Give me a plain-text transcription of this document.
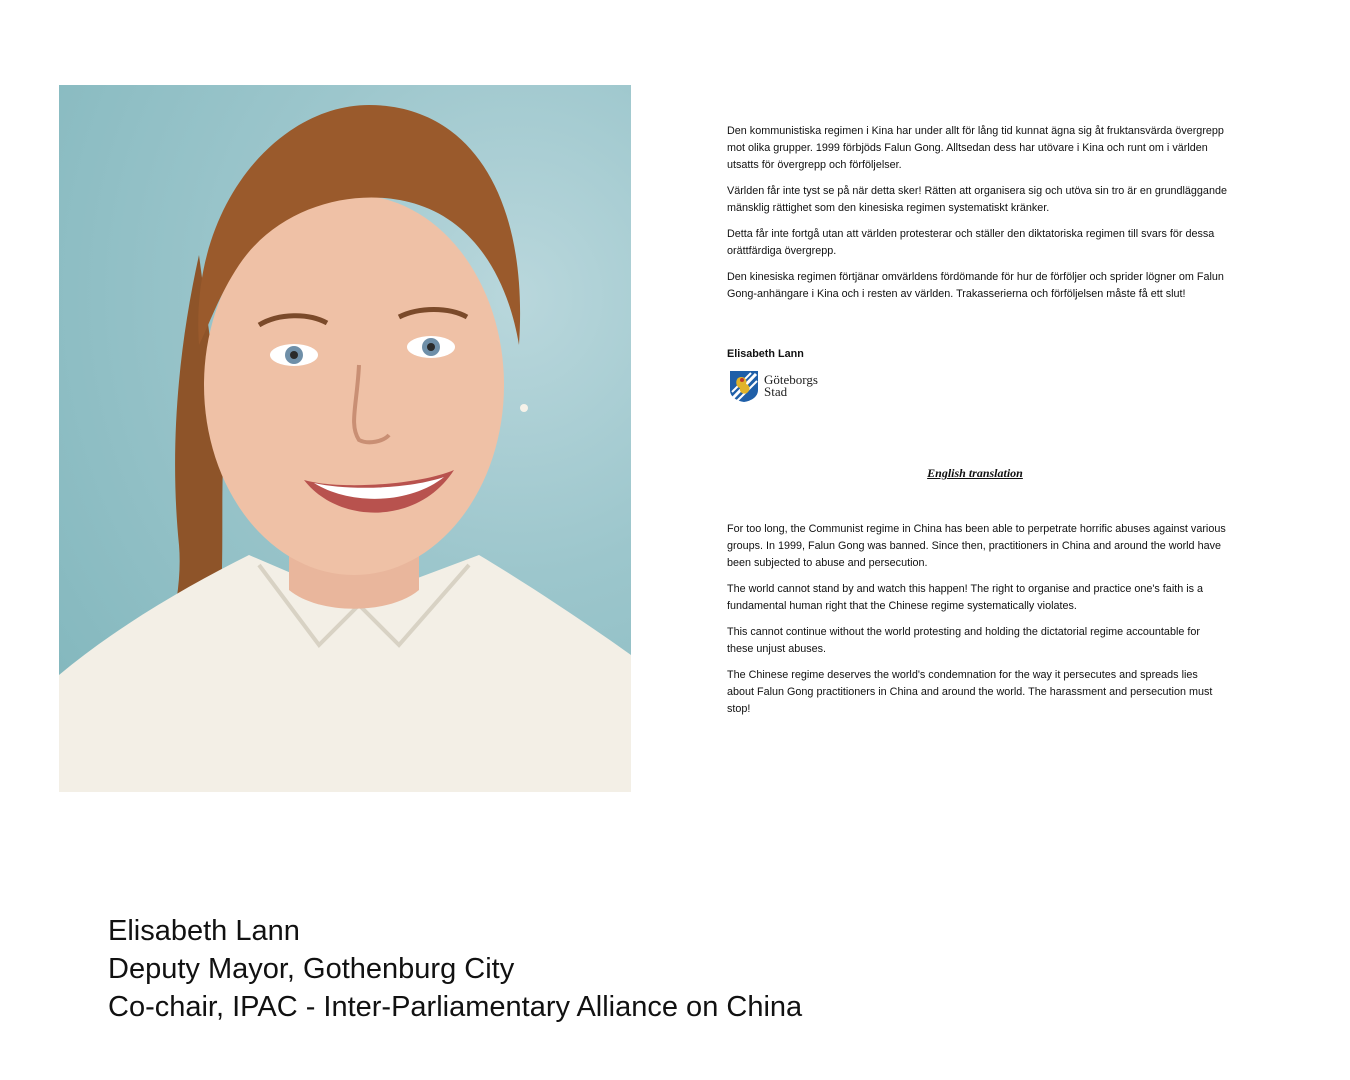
Den kommunistiska regimen i Kina har under allt för lång tid kunnat ägna sig åt fruktansvärda övergrepp mot olika grupper. 1999 förbjöds Falun Gong. Alltsedan dess har utövare i Kina och runt om i världen utsatts för övergrepp och förföljelser.

Världen får inte tyst se på när detta sker! Rätten att organisera sig och utöva sin tro är en grundläggande mänsklig rättighet som den kinesiska regimen systematiskt kränker.

Detta får inte fortgå utan att världen protesterar och ställer den diktatoriska regimen till svars för dessa orättfärdiga övergrepp.

Den kinesiska regimen förtjänar omvärldens fördömande för hur de förföljer och sprider lögner om Falun Gong-anhängare i Kina och i resten av världen. Trakasserierna och förföljelsen måste få ett slut!

Elisabeth Lann
Göteborgs
Stad
English translation

For too long, the Communist regime in China has been able to perpetrate horrific abuses against various groups. In 1999, Falun Gong was banned. Since then, practitioners in China and around the world have been subjected to abuse and persecution.

The world cannot stand by and watch this happen! The right to organise and practice one's faith is a fundamental human right that the Chinese regime systematically violates.

This cannot continue without the world protesting and holding the dictatorial regime accountable for these unjust abuses.

The Chinese regime deserves the world's condemnation for the way it persecutes and spreads lies about Falun Gong practitioners in China and around the world. The harassment and persecution must stop!

Elisabeth Lann
Deputy Mayor, Gothenburg City
Co-chair, IPAC - Inter-Parliamentary Alliance on China
